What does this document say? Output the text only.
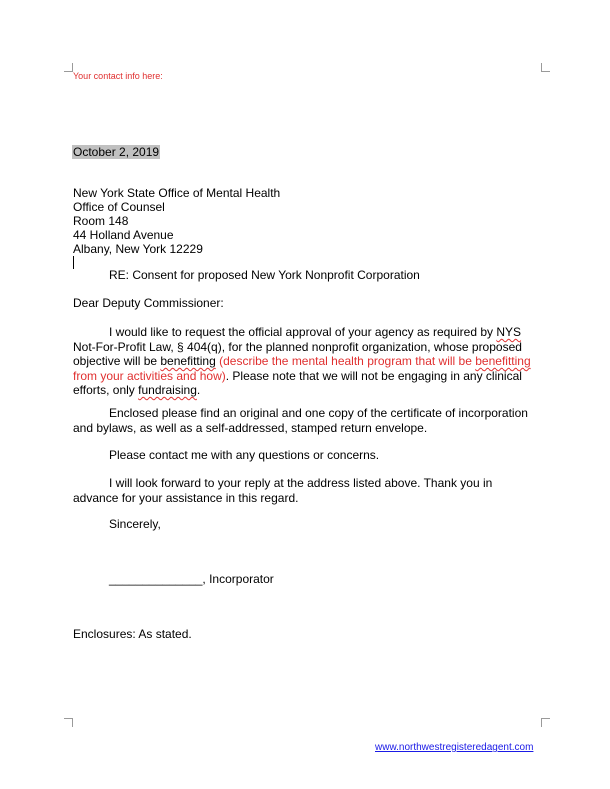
Your contact info here:
October 2, 2019
New York State Office of Mental Health
Office of Counsel
Room 148
44 Holland Avenue
Albany, New York 12229
RE: Consent for proposed New York Nonprofit Corporation
Dear Deputy Commissioner:
I would like to request the official approval of your agency as required by NYS
Not-For-Profit Law, § 404(q), for the planned nonprofit organization, whose proposed
objective will be benefitting (describe the mental health program that will be benefitting
from your activities and how). Please note that we will not be engaging in any clinical
efforts, only fundraising.
Enclosed please find an original and one copy of the certificate of incorporation
and bylaws, as well as a self-addressed, stamped return envelope.
Please contact me with any questions or concerns.
I will look forward to your reply at the address listed above. Thank you in
advance for your assistance in this regard.
Sincerely,
______________, Incorporator
Enclosures: As stated.
www.northwestregisteredagent.com
